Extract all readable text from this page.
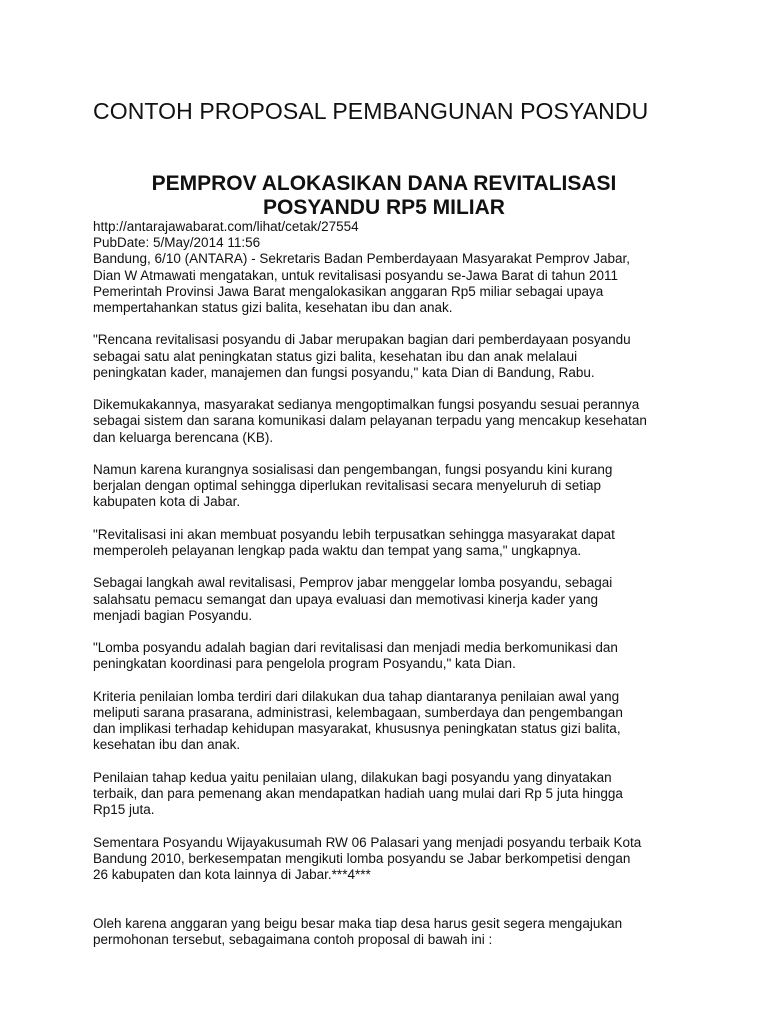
CONTOH PROPOSAL PEMBANGUNAN POSYANDU
PEMPROV ALOKASIKAN DANA REVITALISASI
POSYANDU RP5 MILIAR
http://antarajawabarat.com/lihat/cetak/27554
PubDate: 5/May/2014 11:56
Bandung, 6/10 (ANTARA) - Sekretaris Badan Pemberdayaan Masyarakat Pemprov Jabar,
Dian W Atmawati mengatakan, untuk revitalisasi posyandu se-Jawa Barat di tahun 2011
Pemerintah Provinsi Jawa Barat mengalokasikan anggaran Rp5 miliar sebagai upaya
mempertahankan status gizi balita, kesehatan ibu dan anak.
"Rencana revitalisasi posyandu di Jabar merupakan bagian dari pemberdayaan posyandu
sebagai satu alat peningkatan status gizi balita, kesehatan ibu dan anak melalaui
peningkatan kader, manajemen dan fungsi posyandu," kata Dian di Bandung, Rabu.
Dikemukakannya, masyarakat sedianya mengoptimalkan fungsi posyandu sesuai perannya
sebagai sistem dan sarana komunikasi dalam pelayanan terpadu yang mencakup kesehatan
dan keluarga berencana (KB).
Namun karena kurangnya sosialisasi dan pengembangan, fungsi posyandu kini kurang
berjalan dengan optimal sehingga diperlukan revitalisasi secara menyeluruh di setiap
kabupaten kota di Jabar.
"Revitalisasi ini akan membuat posyandu lebih terpusatkan sehingga masyarakat dapat
memperoleh pelayanan lengkap pada waktu dan tempat yang sama," ungkapnya.
Sebagai langkah awal revitalisasi, Pemprov jabar menggelar lomba posyandu, sebagai
salahsatu pemacu semangat dan upaya evaluasi dan memotivasi kinerja kader yang
menjadi bagian Posyandu.
"Lomba posyandu adalah bagian dari revitalisasi dan menjadi media berkomunikasi dan
peningkatan koordinasi para pengelola program Posyandu," kata Dian.
Kriteria penilaian lomba terdiri dari dilakukan dua tahap diantaranya penilaian awal yang
meliputi sarana prasarana, administrasi, kelembagaan, sumberdaya dan pengembangan
dan implikasi terhadap kehidupan masyarakat, khususnya peningkatan status gizi balita,
kesehatan ibu dan anak.
Penilaian tahap kedua yaitu penilaian ulang, dilakukan bagi posyandu yang dinyatakan
terbaik, dan para pemenang akan mendapatkan hadiah uang mulai dari Rp 5 juta hingga
Rp15 juta.
Sementara Posyandu Wijayakusumah RW 06 Palasari yang menjadi posyandu terbaik Kota
Bandung 2010, berkesempatan mengikuti lomba posyandu se Jabar berkompetisi dengan
26 kabupaten dan kota lainnya di Jabar.***4***
Oleh karena anggaran yang beigu besar maka tiap desa harus gesit segera mengajukan
permohonan tersebut, sebagaimana contoh proposal di bawah ini :
